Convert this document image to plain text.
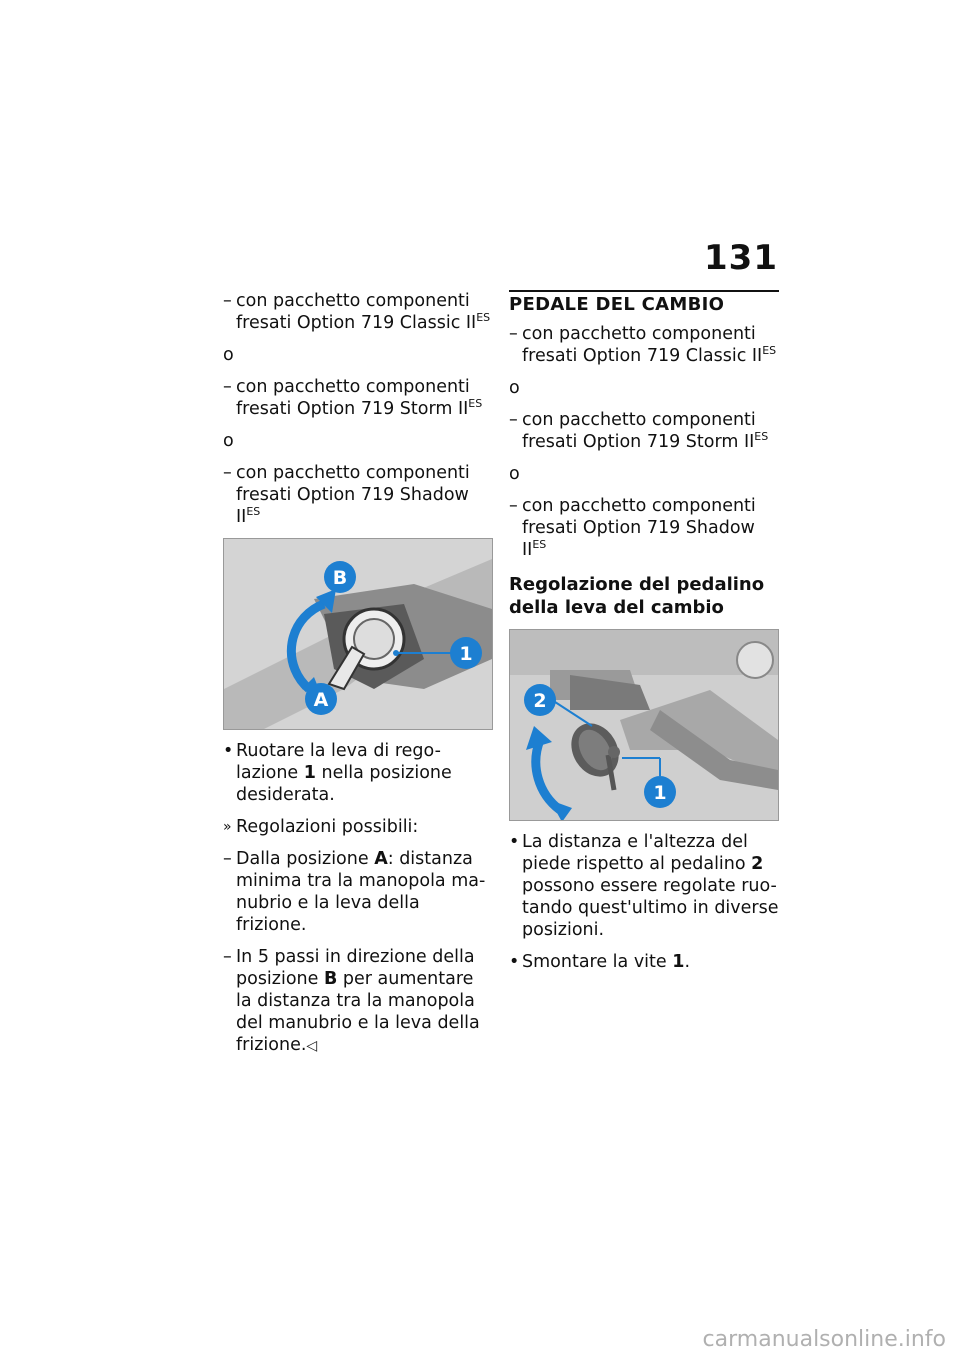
131
– con pacchetto componenti fresati Option 719 Classic $II^{ES}$
o
– con pacchetto componenti fresati Option 719 Storm $II^{ES}$
o
– con pacchetto componenti fresati Option 719 Shadow $II^{ES}$
B
A
1
• Ruotare la leva di rego-lazione 1 nella posizione desiderata.
» Regolazioni possibili:
– Dalla posizione A: distanza minima tra la manopola ma-nubrio e la leva della frizione.
– In 5 passi in direzione della posizione B per aumentare la distanza tra la manopola del manubrio e la leva della frizione.◁
PEDALE DEL CAMBIO
– con pacchetto componenti fresati Option 719 Classic $II^{ES}$
o
– con pacchetto componenti fresati Option 719 Storm $II^{ES}$
o
– con pacchetto componenti fresati Option 719 Shadow $II^{ES}$
Regolazione del pedalino della leva del cambio
2
1
• La distanza e l'altezza del piede rispetto al pedalino 2 possono essere regolate ruo-tando quest'ultimo in diverse posizioni.
• Smontare la vite 1.
carmanualsonline.info
